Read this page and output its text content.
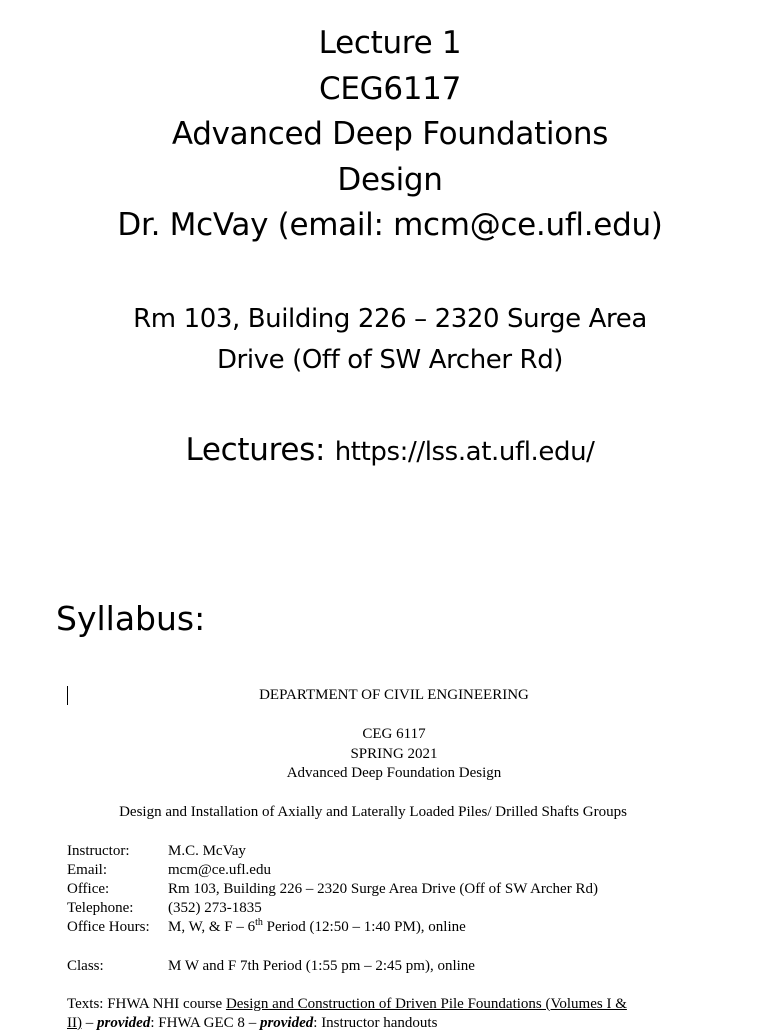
Lecture 1
CEG6117
Advanced Deep Foundations
Design
Dr. McVay (email: mcm@ce.ufl.edu)
Rm 103, Building 226 – 2320 Surge Area
Drive (Off of SW Archer Rd)
Lectures: https://lss.at.ufl.edu/
Syllabus:
DEPARTMENT OF CIVIL ENGINEERING
CEG 6117
SPRING 2021
Advanced Deep Foundation Design
Design and Installation of Axially and Laterally Loaded Piles/ Drilled Shafts Groups
Instructor:	M.C. McVay
Email:	mcm@ce.ufl.edu
Office:	Rm 103, Building 226 – 2320 Surge Area Drive (Off of SW Archer Rd)
Telephone:	(352) 273-1835
Office Hours:	M, W, & F – 6th Period (12:50 – 1:40 PM), online
Class:	M W and F 7th Period (1:55 pm – 2:45 pm), online
Texts: FHWA NHI course Design and Construction of Driven Pile Foundations (Volumes I &
II) – provided: FHWA GEC 8 – provided: Instructor handouts
